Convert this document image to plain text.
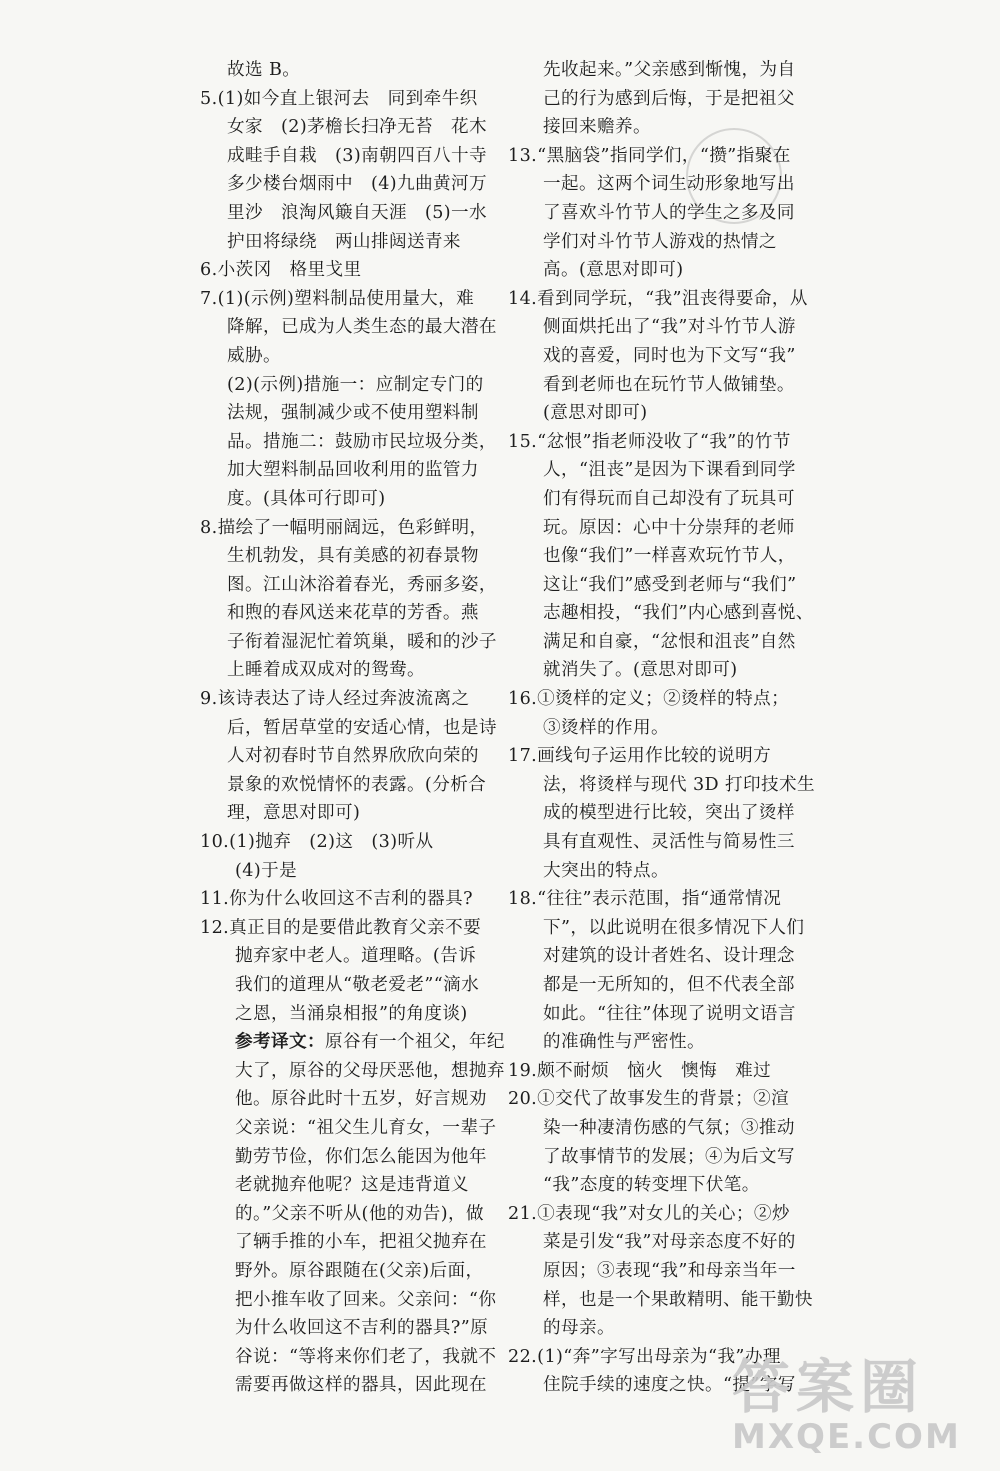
故选 B。
5.(1)如今直上银河去　同到牵牛织
女家　(2)茅檐长扫净无苔　花木
成畦手自栽　(3)南朝四百八十寺
多少楼台烟雨中　(4)九曲黄河万
里沙　浪淘风簸自天涯　(5)一水
护田将绿绕　两山排闼送青来
6.小茨冈　格里戈里
7.(1)(示例)塑料制品使用量大，难
降解，已成为人类生态的最大潜在
威胁。
(2)(示例)措施一：应制定专门的
法规，强制减少或不使用塑料制
品。措施二：鼓励市民垃圾分类，
加大塑料制品回收利用的监管力
度。(具体可行即可)
8.描绘了一幅明丽阔远，色彩鲜明，
生机勃发，具有美感的初春景物
图。江山沐浴着春光，秀丽多姿，
和煦的春风送来花草的芳香。燕
子衔着湿泥忙着筑巢，暖和的沙子
上睡着成双成对的鸳鸯。
9.该诗表达了诗人经过奔波流离之
后，暂居草堂的安适心情，也是诗
人对初春时节自然界欣欣向荣的
景象的欢悦情怀的表露。(分析合
理，意思对即可)
10.(1)抛弃　(2)这　(3)听从
(4)于是
11.你为什么收回这不吉利的器具?
12.真正目的是要借此教育父亲不要
抛弃家中老人。道理略。(告诉
我们的道理从“敬老爱老”“滴水
之恩，当涌泉相报”的角度谈)
参考译文：原谷有一个祖父，年纪
大了，原谷的父母厌恶他，想抛弃
他。原谷此时十五岁，好言规劝
父亲说：“祖父生儿育女，一辈子
勤劳节俭，你们怎么能因为他年
老就抛弃他呢？这是违背道义
的。”父亲不听从(他的劝告)，做
了辆手推的小车，把祖父抛弃在
野外。原谷跟随在(父亲)后面，
把小推车收了回来。父亲问：“你
为什么收回这不吉利的器具?”原
谷说：“等将来你们老了，我就不
需要再做这样的器具，因此现在
先收起来。”父亲感到惭愧，为自
己的行为感到后悔，于是把祖父
接回来赡养。
13.“黑脑袋”指同学们，“攒”指聚在
一起。这两个词生动形象地写出
了喜欢斗竹节人的学生之多及同
学们对斗竹节人游戏的热情之
高。(意思对即可)
14.看到同学玩，“我”沮丧得要命，从
侧面烘托出了“我”对斗竹节人游
戏的喜爱，同时也为下文写“我”
看到老师也在玩竹节人做铺垫。
(意思对即可)
15.“忿恨”指老师没收了“我”的竹节
人，“沮丧”是因为下课看到同学
们有得玩而自己却没有了玩具可
玩。原因：心中十分崇拜的老师
也像“我们”一样喜欢玩竹节人，
这让“我们”感受到老师与“我们”
志趣相投，“我们”内心感到喜悦、
满足和自豪，“忿恨和沮丧”自然
就消失了。(意思对即可)
16.①烫样的定义；②烫样的特点；
③烫样的作用。
17.画线句子运用作比较的说明方
法，将烫样与现代 3D 打印技术生
成的模型进行比较，突出了烫样
具有直观性、灵活性与简易性三
大突出的特点。
18.“往往”表示范围，指“通常情况
下”，以此说明在很多情况下人们
对建筑的设计者姓名、设计理念
都是一无所知的，但不代表全部
如此。“往往”体现了说明文语言
的准确性与严密性。
19.颇不耐烦　恼火　懊悔　难过
20.①交代了故事发生的背景；②渲
染一种凄清伤感的气氛；③推动
了故事情节的发展；④为后文写
“我”态度的转变埋下伏笔。
21.①表现“我”对女儿的关心；②炒
菜是引发“我”对母亲态度不好的
原因；③表现“我”和母亲当年一
样，也是一个果敢精明、能干勤快
的母亲。
22.(1)“奔”字写出母亲为“我”办理
住院手续的速度之快。“提”字写
答案圈
MXQE.COM
